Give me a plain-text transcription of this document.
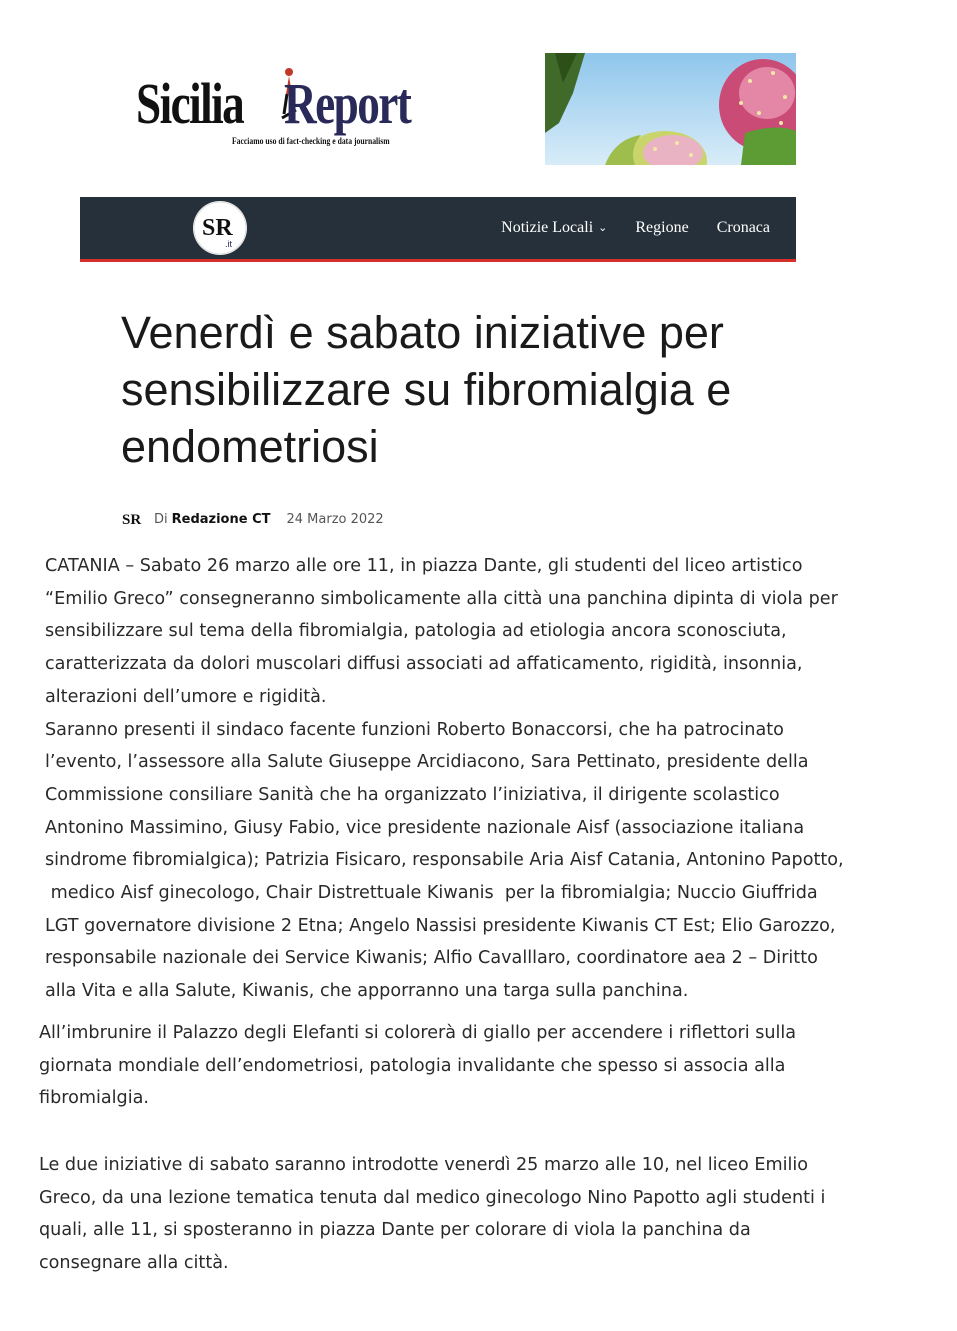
Sicilia Report
Facciamo uso di fact-checking e data journalism
SR
.it
Notizie Locali ⌄ Regione Cronaca
Venerdì e sabato iniziative per
sensibilizzare su fibromialgia e
endometriosi
SR Di Redazione CT 24 Marzo 2022
CATANIA – Sabato 26 marzo alle ore 11, in piazza Dante, gli studenti del liceo artistico
“Emilio Greco” consegneranno simbolicamente alla città una panchina dipinta di viola per
sensibilizzare sul tema della fibromialgia, patologia ad etiologia ancora sconosciuta,
caratterizzata da dolori muscolari diffusi associati ad affaticamento, rigidità, insonnia,
alterazioni dell’umore e rigidità.
Saranno presenti il sindaco facente funzioni Roberto Bonaccorsi, che ha patrocinato
l’evento, l’assessore alla Salute Giuseppe Arcidiacono, Sara Pettinato, presidente della
Commissione consiliare Sanità che ha organizzato l’iniziativa, il dirigente scolastico
Antonino Massimino, Giusy Fabio, vice presidente nazionale Aisf (associazione italiana
sindrome fibromialgica); Patrizia Fisicaro, responsabile Aria Aisf Catania, Antonino Papotto,
medico Aisf ginecologo, Chair Distrettuale Kiwanis  per la fibromialgia; Nuccio Giuffrida
LGT governatore divisione 2 Etna; Angelo Nassisi presidente Kiwanis CT Est; Elio Garozzo,
responsabile nazionale dei Service Kiwanis; Alfio Cavalllaro, coordinatore aea 2 – Diritto
alla Vita e alla Salute, Kiwanis, che apporranno una targa sulla panchina.
All’imbrunire il Palazzo degli Elefanti si colorerà di giallo per accendere i riflettori sulla
giornata mondiale dell’endometriosi, patologia invalidante che spesso si associa alla
fibromialgia.
Le due iniziative di sabato saranno introdotte venerdì 25 marzo alle 10, nel liceo Emilio
Greco, da una lezione tematica tenuta dal medico ginecologo Nino Papotto agli studenti i
quali, alle 11, si sposteranno in piazza Dante per colorare di viola la panchina da
consegnare alla città.
